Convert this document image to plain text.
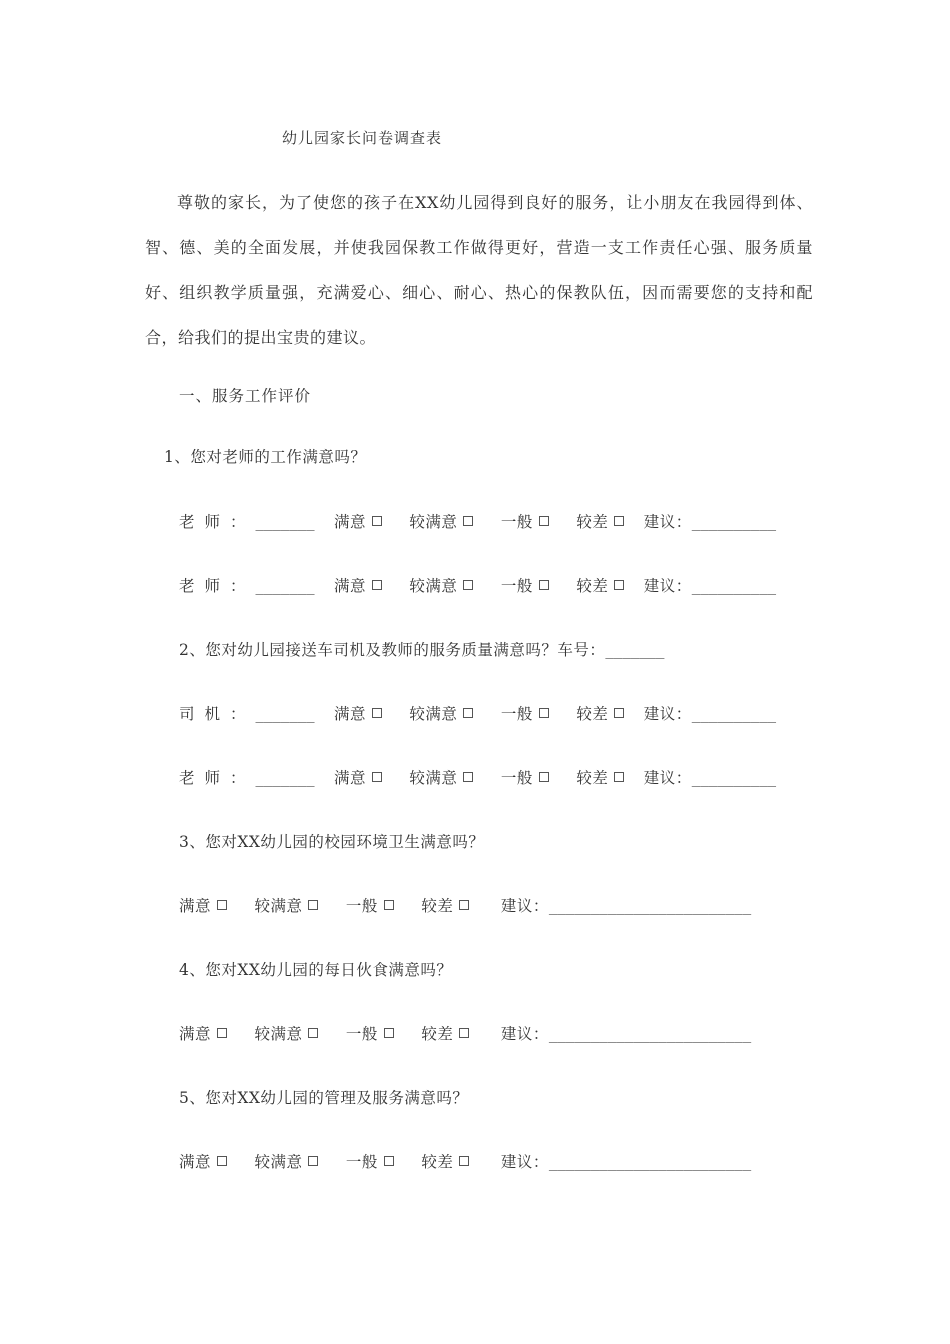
幼儿园家长问卷调查表
尊敬的家长，为了使您的孩子在XX幼儿园得到良好的服务，让小朋友在我园得到体、智、德、美的全面发展，并使我园保教工作做得更好，营造一支工作责任心强、服务质量好、组织教学质量强，充满爱心、细心、耐心、热心的保教队伍，因而需要您的支持和配合，给我们的提出宝贵的建议。
一、服务工作评价
1、您对老师的工作满意吗？
老师：_______ 满意	较满意	一般	较差 建议：__________
老师：_______ 满意	较满意	一般	较差 建议：__________
2、您对幼儿园接送车司机及教师的服务质量满意吗？车号：_______
司机：_______ 满意	较满意	一般	较差 建议：__________
老师：_______ 满意	较满意	一般	较差 建议：__________
3、您对XX幼儿园的校园环境卫生满意吗？
满意	较满意	一般	较差	建议：________________________
4、您对XX幼儿园的每日伙食满意吗？
满意	较满意	一般	较差	建议：________________________
5、您对XX幼儿园的管理及服务满意吗？
满意	较满意	一般	较差	建议：________________________
